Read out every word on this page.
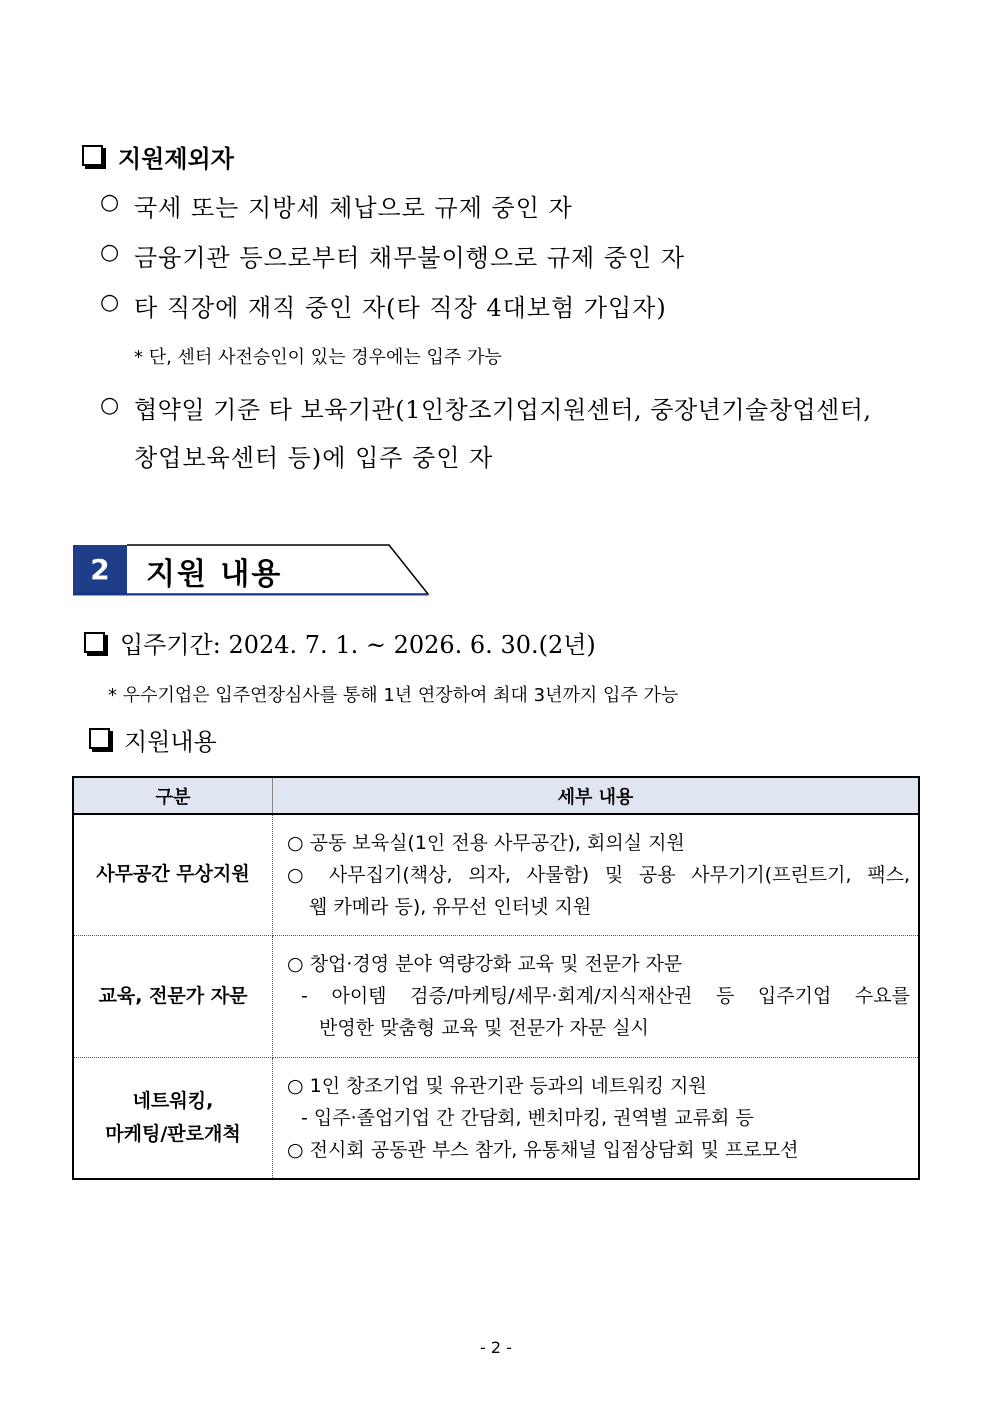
지원제외자
○ 국세 또는 지방세 체납으로 규제 중인 자
○ 금융기관 등으로부터 채무불이행으로 규제 중인 자
○ 타 직장에 재직 중인 자(타 직장 4대보험 가입자)
* 단, 센터 사전승인이 있는 경우에는 입주 가능
○ 협약일 기준 타 보육기관(1인창조기업지원센터, 중장년기술창업센터,
창업보육센터 등)에 입주 중인 자
2	지원 내용
입주기간: 2024. 7. 1. ~ 2026. 6. 30.(2년)
* 우수기업은 입주연장심사를 통해 1년 연장하여 최대 3년까지 입주 가능
지원내용
구분	세부 내용
사무공간 무상지원	○ 공동 보육실(1인 전용 사무공간), 회의실 지원
○ 사무집기(책상, 의자, 사물함) 및 공용 사무기기(프린트기, 팩스,
웹 카메라 등), 유무선 인터넷 지원

교육, 전문가 자문	○ 창업·경영 분야 역량강화 교육 및 전문가 자문
- 아이템 검증/마케팅/세무·회계/지식재산권 등 입주기업 수요를
반영한 맞춤형 교육 및 전문가 자문 실시

네트워킹,
마케팅/판로개척	○ 1인 창조기업 및 유관기관 등과의 네트워킹 지원
- 입주·졸업기업 간 간담회, 벤치마킹, 권역별 교류회 등
○ 전시회 공동관 부스 참가, 유통채널 입점상담회 및 프로모션
- 2 -
